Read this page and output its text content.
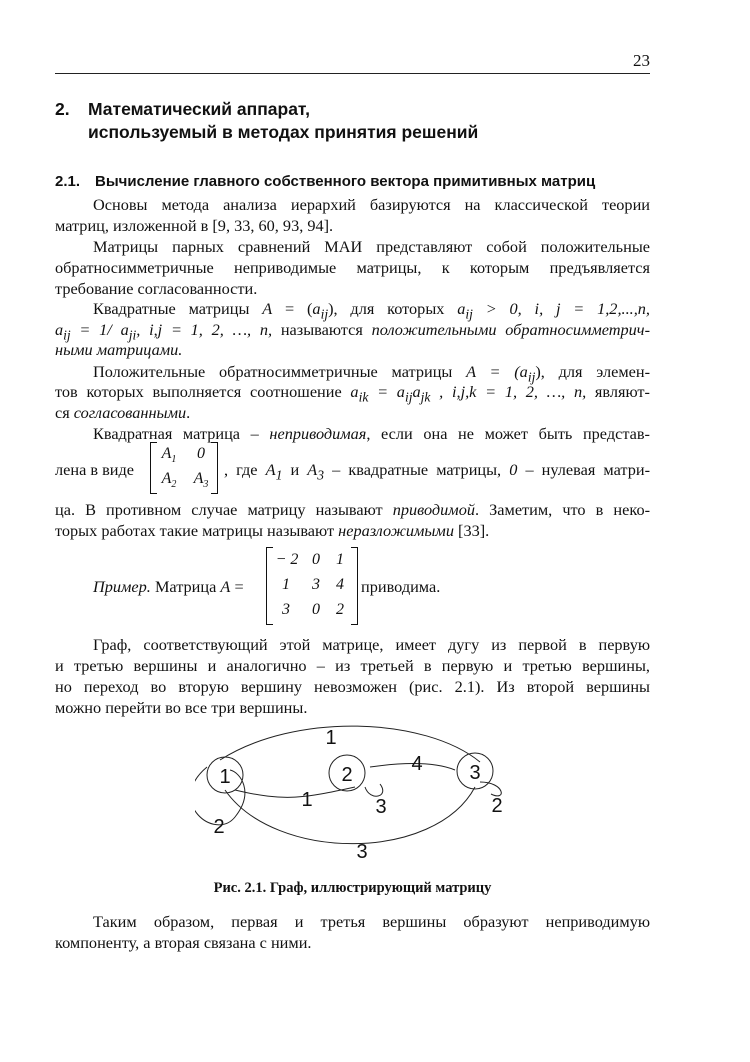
23
2. Математический аппарат,
используемый в методах принятия решений
2.1. Вычисление главного собственного вектора примитивных матриц
Основы метода анализа иерархий базируются на классической теории
матриц, изложенной в [9, 33, 60, 93, 94].
Матрицы парных сравнений МАИ представляют собой положительные
обратносимметричные неприводимые матрицы, к которым предъявляется
требование согласованности.
Квадратные матрицы $A = (a_{ij})$, для которых $a_{ij} > 0$, i, j = 1,2,...,n,
$a_{ij} = 1/$ $a_{ji}$, i,j = 1, 2, …, n, называются положительными обратносимметрич-
ными матрицами.
Положительные обратносимметричные матрицы $A = (a_{ij})$, для элемен-
тов которых выполняется соотношение $a_{ik} = a_{ij}a_{jk}$ , i,j,k = 1, 2, …, n, являют-
ся согласованными.
Квадратная матрица – неприводимая, если она не может быть представ-
лена в виде
$A_1$	0
$A_2$ $A_3$
, где $A_1$ и $A_3$ – квадратные матрицы, 0 – нулевая матри-
ца. В противном случае матрицу называют приводимой. Заметим, что в неко-
торых работах такие матрицы называют неразложимыми [33].
Пример. Матрица A =
− 2 0	1
1	3	4
3	0	2
приводима.
Граф, соответствующий этой матрице, имеет дугу из первой в первую
и третью вершины и аналогично – из третьей в первую и третью вершины,
но переход во вторую вершину невозможен (рис. 2.1). Из второй вершины
можно перейти во все три вершины.
1	2	3
1
4
1	3	2
2
3
Рис. 2.1. Граф, иллюстрирующий матрицу
Таким образом, первая и третья вершины образуют неприводимую
компоненту, а вторая связана с ними.
